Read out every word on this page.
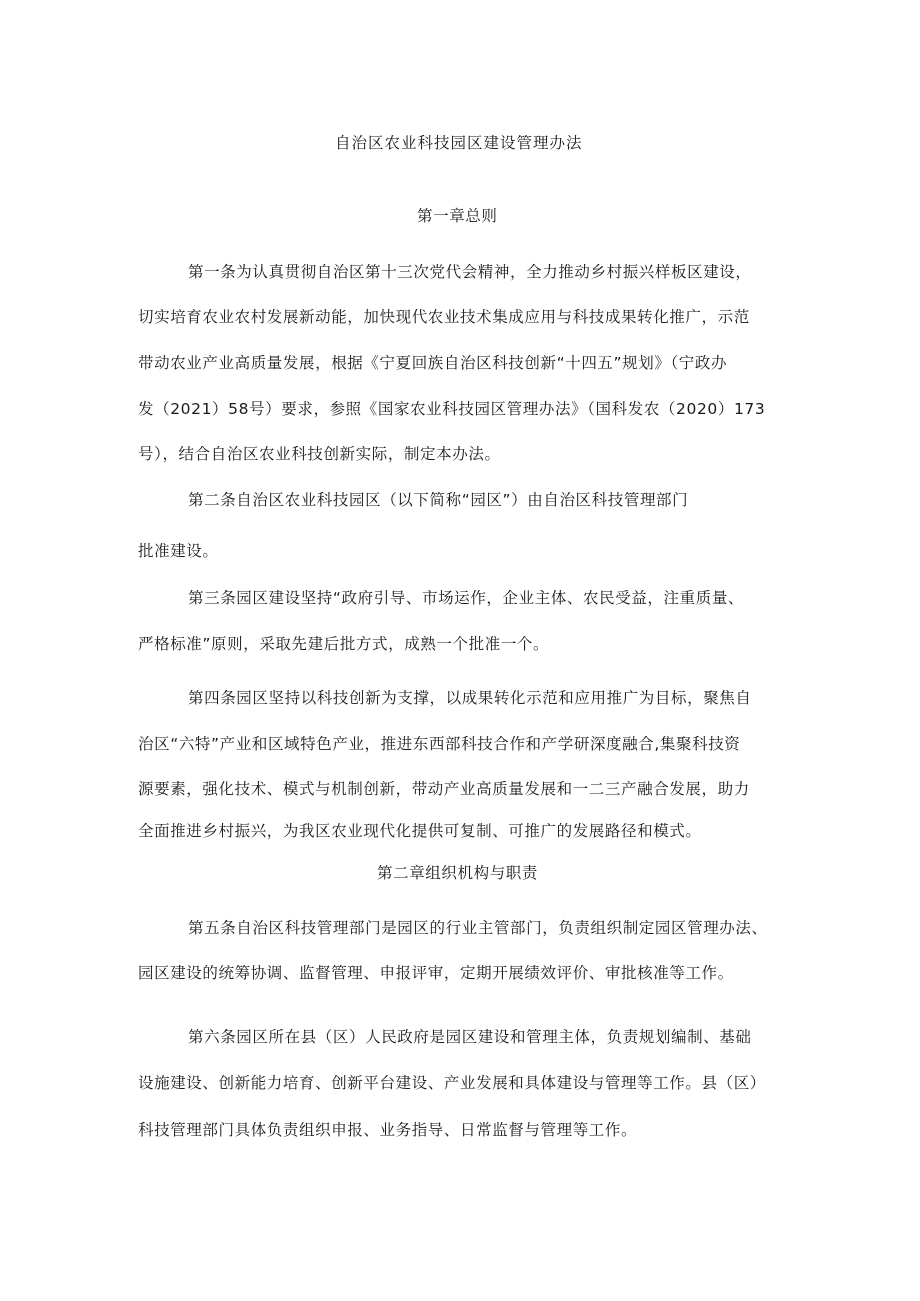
自治区农业科技园区建设管理办法
第一章总则
第一条为认真贯彻自治区第十三次党代会精神，全力推动乡村振兴样板区建设，
切实培育农业农村发展新动能，加快现代农业技术集成应用与科技成果转化推广，示范
带动农业产业高质量发展，根据《宁夏回族自治区科技创新“十四五”规划》（宁政办
发（2021）58号）要求，参照《国家农业科技园区管理办法》（国科发农（2020）173
号），结合自治区农业科技创新实际，制定本办法。
第二条自治区农业科技园区（以下简称“园区”）由自治区科技管理部门
批准建设。
第三条园区建设坚持“政府引导、市场运作，企业主体、农民受益，注重质量、
严格标准”原则，采取先建后批方式，成熟一个批准一个。
第四条园区坚持以科技创新为支撑，以成果转化示范和应用推广为目标，聚焦自
治区“六特”产业和区域特色产业，推进东西部科技合作和产学研深度融合,集聚科技资
源要素，强化技术、模式与机制创新，带动产业高质量发展和一二三产融合发展，助力
全面推进乡村振兴，为我区农业现代化提供可复制、可推广的发展路径和模式。
第二章组织机构与职责
第五条自治区科技管理部门是园区的行业主管部门，负责组织制定园区管理办法、
园区建设的统筹协调、监督管理、申报评审，定期开展绩效评价、审批核准等工作。
第六条园区所在县（区）人民政府是园区建设和管理主体，负责规划编制、基础
设施建设、创新能力培育、创新平台建设、产业发展和具体建设与管理等工作。县（区）
科技管理部门具体负责组织申报、业务指导、日常监督与管理等工作。
